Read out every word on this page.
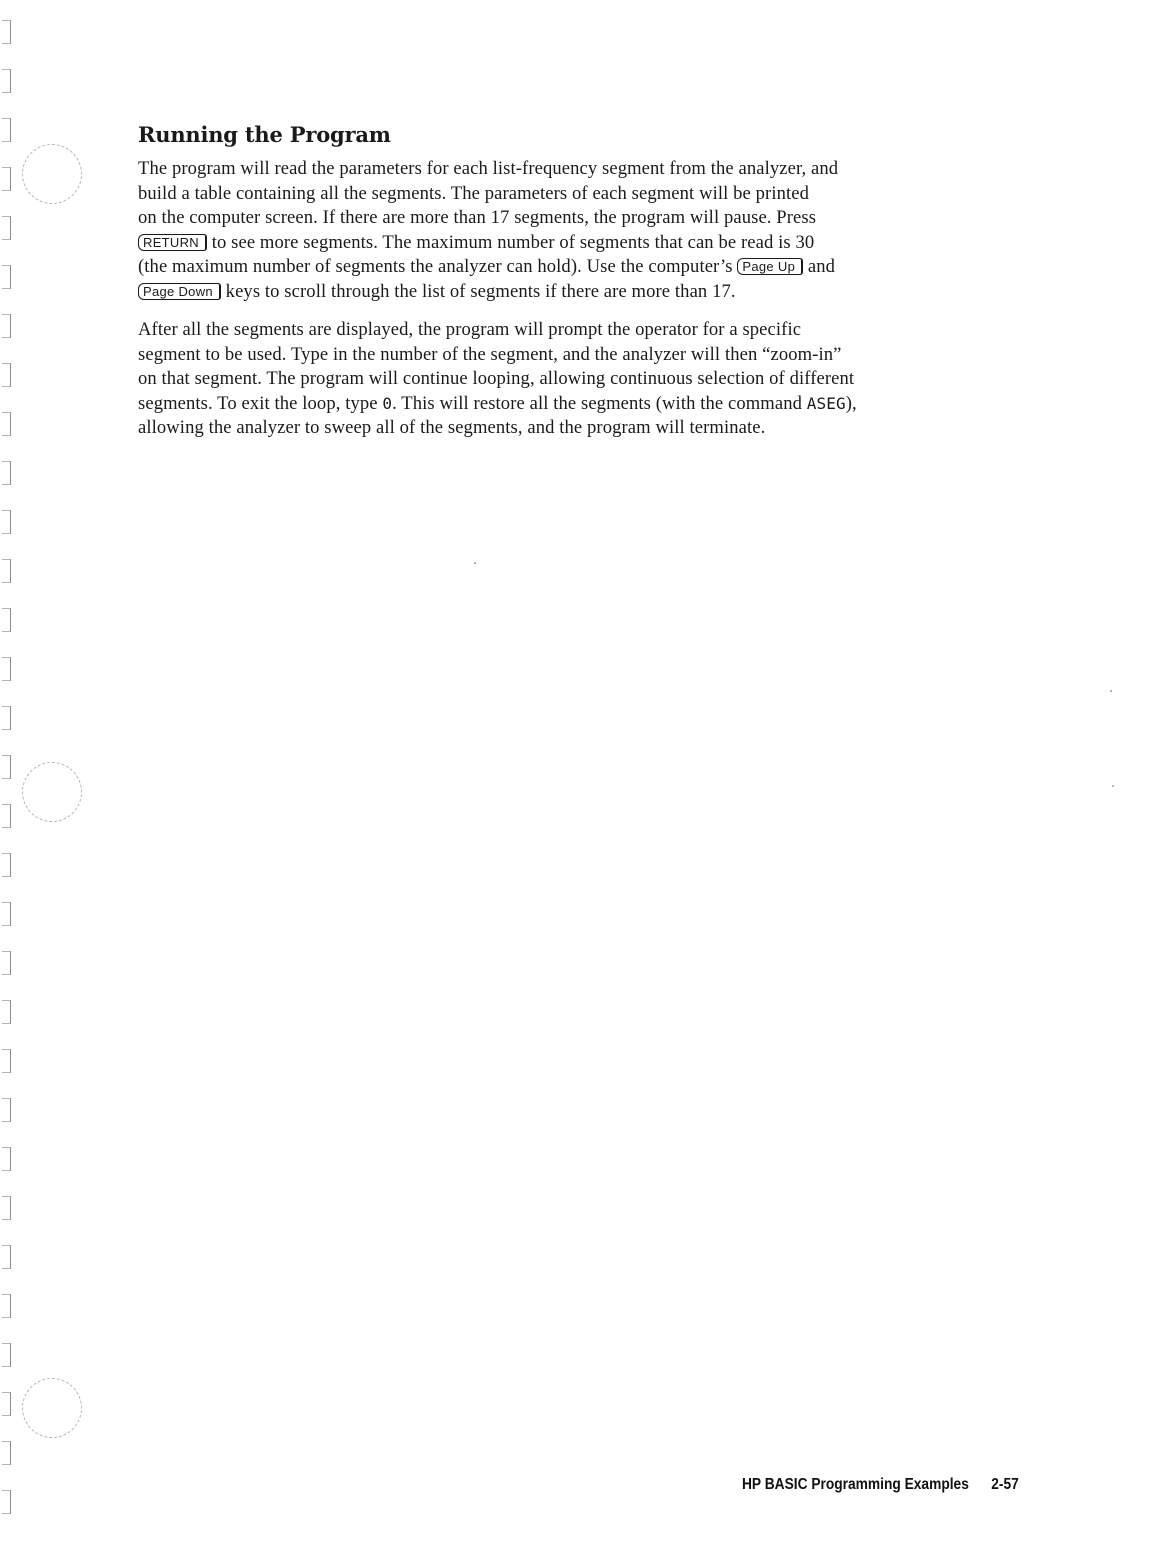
Running the Program

The program will read the parameters for each list-frequency segment from the analyzer, and
build a table containing all the segments. The parameters of each segment will be printed
on the computer screen. If there are more than 17 segments, the program will pause. Press
RETURN to see more segments. The maximum number of segments that can be read is 30
(the maximum number of segments the analyzer can hold). Use the computer’s Page Up and
Page Down keys to scroll through the list of segments if there are more than 17.

After all the segments are displayed, the program will prompt the operator for a specific
segment to be used. Type in the number of the segment, and the analyzer will then “zoom-in”
on that segment. The program will continue looping, allowing continuous selection of different
segments. To exit the loop, type 0. This will restore all the segments (with the command ASEG),
allowing the analyzer to sweep all of the segments, and the program will terminate.

HP BASIC Programming Examples 2-57
